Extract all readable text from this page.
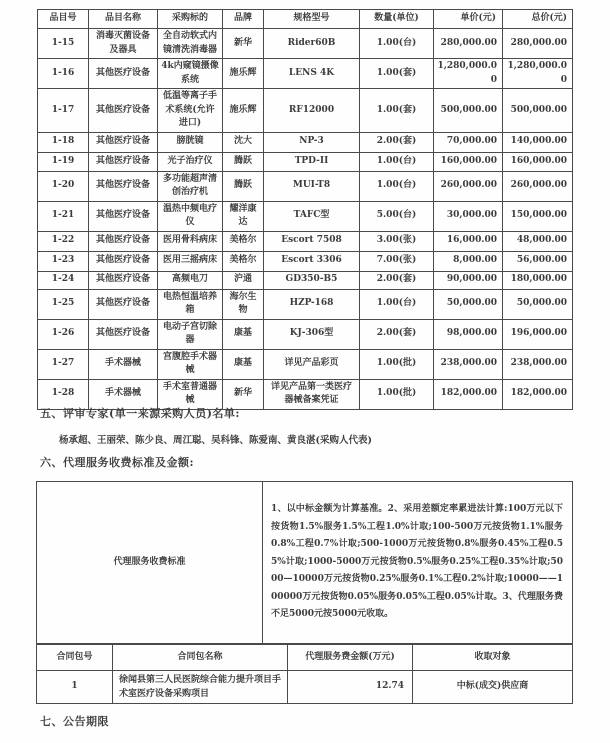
品目号	品目名称	采购标的	品牌	规格型号	数量(单位)	单价(元)	总价(元)
1-15	消毒灭菌设备及器具	全自动软式内镜清洗消毒器	新华	Rider60B	1.00(台)	280,000.00	280,000.00
1-16	其他医疗设备	4k内窥镜摄像系统	施乐辉	LENS 4K	1.00(套)	1,280,000.00	1,280,000.00
1-17	其他医疗设备	低温等离子手术系统(允许进口)	施乐辉	RF12000	1.00(套)	500,000.00	500,000.00
1-18	其他医疗设备	膀胱镜	沈大	NP-3	2.00(套)	70,000.00	140,000.00
1-19	其他医疗设备	光子治疗仪	腾跃	TPD-II	1.00(台)	160,000.00	160,000.00
1-20	其他医疗设备	多功能超声清创治疗机	腾跃	MUI-T8	1.00(台)	260,000.00	260,000.00
1-21	其他医疗设备	温热中频电疗仪	耀洋康达	TAFC型	5.00(台)	30,000.00	150,000.00
1-22	其他医疗设备	医用骨科病床	美格尔	Escort 7508	3.00(张)	16,000.00	48,000.00
1-23	其他医疗设备	医用三摇病床	美格尔	Escort 3306	7.00(张)	8,000.00	56,000.00
1-24	其他医疗设备	高频电刀	沪通	GD350-B5	2.00(套)	90,000.00	180,000.00
1-25	其他医疗设备	电热恒温培养箱	海尔生物	HZP-168	1.00(台)	50,000.00	50,000.00
1-26	其他医疗设备	电动子宫切除器	康基	KJ-306型	2.00(套)	98,000.00	196,000.00
1-27	手术器械	宫腹腔手术器械	康基	详见产品彩页	1.00(批)	238,000.00	238,000.00
1-28	手术器械	手术室普通器械	新华	详见产品第一类医疗器械备案凭证	1.00(批)	182,000.00	182,000.00
五、评审专家(单一来源采购人员)名单:
杨承超、王丽荣、陈少良、周江聪、吴科锋、陈爱南、黄良湛(采购人代表)
六、代理服务收费标准及金额:
代理服务收费标准	1、以中标金额为计算基准。2、采用差额定率累进法计算:100万元以下按货物1.5%服务1.5%工程1.0%计取;100-500万元按货物1.1%服务0.8%工程0.7%计取;500-1000万元按货物0.8%服务0.45%工程0.55%计取;1000-5000万元按货物0.5%服务0.25%工程0.35%计取;5000—10000万元按货物0.25%服务0.1%工程0.2%计取;10000——100000万元按货物0.05%服务0.05%工程0.05%计取。3、代理服务费不足5000元按5000元收取。
合同包号	合同包名称	代理服务费金额(万元)	收取对象
1	徐闻县第三人民医院综合能力提升项目手术室医疗设备采购项目	12.74	中标(成交)供应商
七、公告期限
